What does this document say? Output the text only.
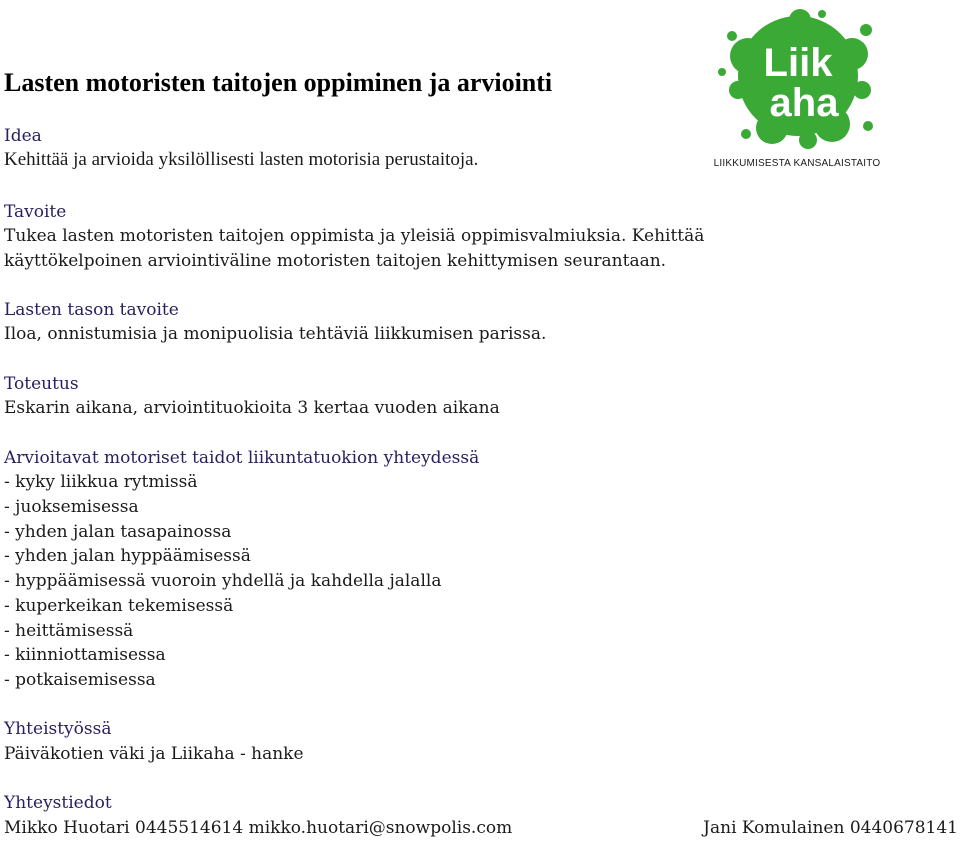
Liik
aha
LIIKKUMISESTA KANSALAISTAITO
Lasten motoristen taitojen oppiminen ja arviointi
Idea
Kehittää ja arvioida yksilöllisesti lasten motorisia perustaitoja.
Tavoite
Tukea lasten motoristen taitojen oppimista ja yleisiä oppimisvalmiuksia. Kehittää
käyttökelpoinen arviointiväline motoristen taitojen kehittymisen seurantaan.
Lasten tason tavoite
Iloa, onnistumisia ja monipuolisia tehtäviä liikkumisen parissa.
Toteutus
Eskarin aikana, arviointituokioita 3 kertaa vuoden aikana
Arvioitavat motoriset taidot liikuntatuokion yhteydessä
- kyky liikkua rytmissä
- juoksemisessa
- yhden jalan tasapainossa
- yhden jalan hyppäämisessä
- hyppäämisessä vuoroin yhdellä ja kahdella jalalla
- kuperkeikan tekemisessä
- heittämisessä
- kiinniottamisessa
- potkaisemisessa
Yhteistyössä
Päiväkotien väki ja Liikaha - hanke
Yhteystiedot
Mikko Huotari 0445514614 mikko.huotari@snowpolis.com	Jani Komulainen 0440678141
